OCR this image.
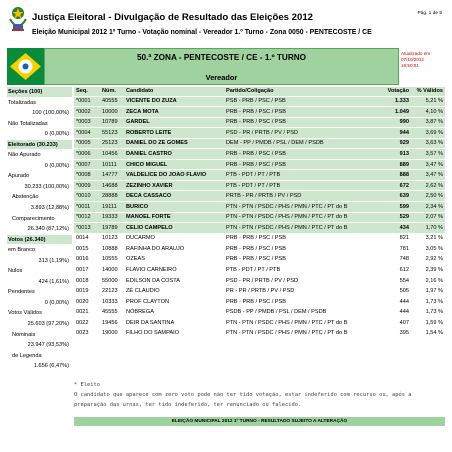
Justiça Eleitoral - Divulgação de Resultado das Eleições 2012
Eleição Municipal 2012 1º Turno - Votação nominal - Vereador 1.º Turno - Zona 0050 - PENTECOSTE / CE
Pág. 1 de 5
50.ª ZONA - PENTECOSTE / CE - 1.º TURNO
Vereador
Atualizado em
07/10/2012
19:50:01
Seções (100)
Totalizadas
100 (100,00%)
Não Totalizadas
0 (0,00%)
Eleitorado (30.233)
Não Apurado
0 (0,00%)
Apurado
30.233 (100,00%)
Abstenção
3.893 (12,88%)
Comparecimento
26.340 (87,12%)
Votos (26.340)
em Branco
313 (1,19%)
Nulos
424 (1,61%)
Pendentes
0 (0,00%)
Votos Válidos
25.603 (97,20%)
Nominais
23.947 (93,53%)
de Legenda
1.656 (6,47%)
Seq.	Núm.	Candidato	Partido/Coligação	Votação	% Válidos
*0001	40555	VICENTE DO ZUZA	PSB - PRB / PSC / PSB	1.333	5,21 %
*0002	10000	ZECA MOTA	PRB - PRB / PSC / PSB	1.049	4,10 %
*0003	10789	GARDEL	PRB - PRB / PSC / PSB	990	3,87 %
*0004	55123	ROBERTO LEITE	PSD - PR / PRTB / PV / PSD	944	3,69 %
*0005	25123	DANIEL DO ZE GOMES	DEM - PP / PMDB / PSL / DEM / PSDB	929	3,63 %
*0006	10456	DANIEL CASTRO	PRB - PRB / PSC / PSB	913	3,57 %
*0007	10111	CHICO MIGUEL	PRB - PRB / PSC / PSB	889	3,47 %
*0008	14777	VALDELICE DO JOAO FLAVIO	PTB - PDT / PT / PTB	888	3,47 %
*0009	14688	ZEZINHO XAVIER	PTB - PDT / PT / PTB	672	2,62 %
*0010	28888	DECA CASSACO	PRTB - PR / PRTB / PV / PSD	639	2,50 %
*0011	19111	BURICO	PTN - PTN / PSDC / PHS / PMN / PTC / PT do B	599	2,34 %
*0012	19333	MANOEL FORTE	PTN - PTN / PSDC / PHS / PMN / PTC / PT do B	529	2,07 %
*0013	19789	CELIO CAMPELO	PTN - PTN / PSDC / PHS / PMN / PTC / PT do B	434	1,70 %
0014	10123	DUCARMO	PRB - PRB / PSC / PSB	821	3,21 %
0015	10888	RAFINHA DO ARAUJO	PRB - PRB / PSC / PSB	781	3,05 %
0016	10555	OZEAS	PRB - PRB / PSC / PSB	748	2,92 %
0017	14000	FLAVIO CARNEIRO	PTB - PDT / PT / PTB	612	2,39 %
0018	55000	EDILSON DA COSTA	PSD - PR / PRTB / PV / PSD	554	2,16 %
0019	22123	ZÉ CLAUDIO	PR - PR / PRTB / PV / PSD	505	1,97 %
0020	10333	PROF CLAYTON	PRB - PRB / PSC / PSB	444	1,73 %
0021	45555	NÓBREGA	PSDB - PP / PMDB / PSL / DEM / PSDB	444	1,73 %
0022	19456	DEIR DA SANTINA	PTN - PTN / PSDC / PHS / PMN / PTC / PT do B	407	1,59 %
0023	19000	FILHO DO SAMPAIO	PTN - PTN / PSDC / PHS / PMN / PTC / PT do B	395	1,54 %
* Eleito
O candidato que aparece com zero voto pode não ter tido votação, estar indeferido com recurso ou, após a
preparação das urnas, ter tido indeferido, ter renunciado ou falecido.
ELEIÇÃO MUNICIPAL 2012 1º TURNO - RESULTADO SUJEITO A ALTERAÇÃO
